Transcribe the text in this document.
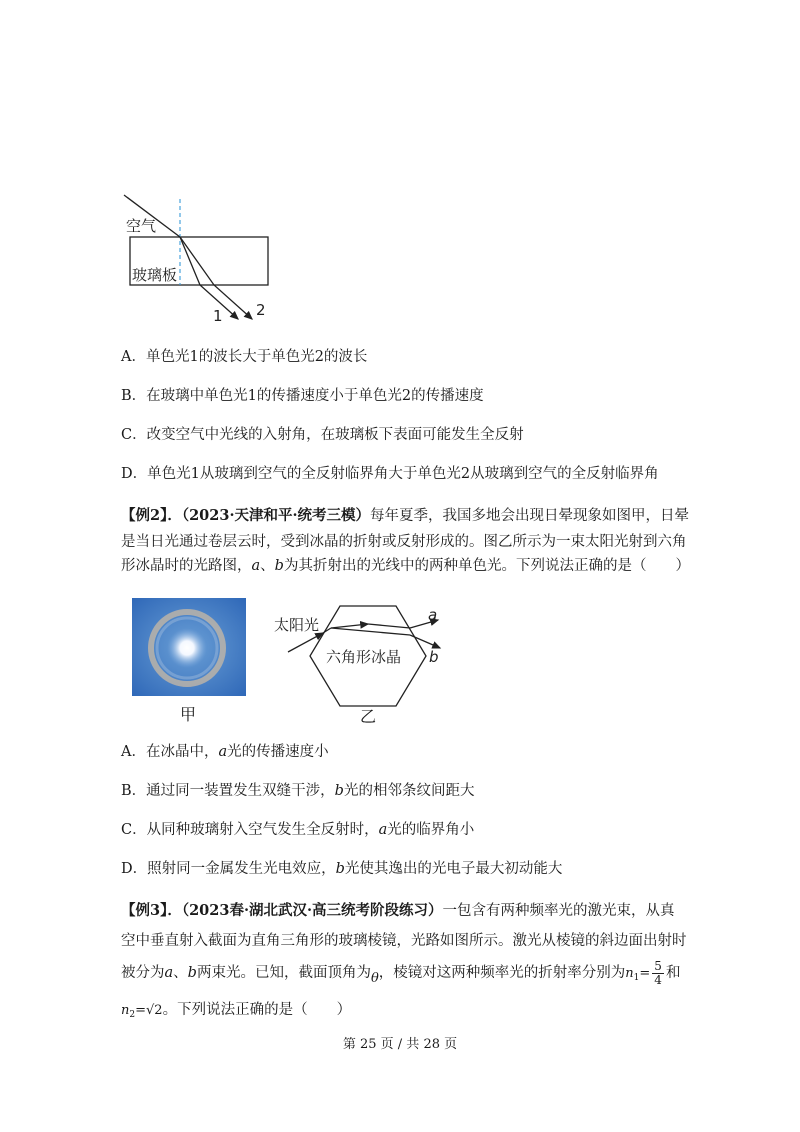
空气
玻璃板
1 2
A．单色光1的波长大于单色光2的波长
B．在玻璃中单色光1的传播速度小于单色光2的传播速度
C．改变空气中光线的入射角，在玻璃板下表面可能发生全反射
D．单色光1从玻璃到空气的全反射临界角大于单色光2从玻璃到空气的全反射临界角
【例2】．（2023·天津和平·统考三模）每年夏季，我国多地会出现日晕现象如图甲，日晕
是当日光通过卷层云时，受到冰晶的折射或反射形成的。图乙所示为一束太阳光射到六角
形冰晶时的光路图，a、b为其折射出的光线中的两种单色光。下列说法正确的是（　　）
甲
太阳光
六角形冰晶
a
b
乙
A．在冰晶中，a光的传播速度小
B．通过同一装置发生双缝干涉，b光的相邻条纹间距大
C．从同种玻璃射入空气发生全反射时，a光的临界角小
D．照射同一金属发生光电效应，b光使其逸出的光电子最大初动能大
【例3】．（2023春·湖北武汉·高三统考阶段练习）一包含有两种频率光的激光束，从真
空中垂直射入截面为直角三角形的玻璃棱镜，光路如图所示。激光从棱镜的斜边面出射时
被分为a、b两束光。已知，截面顶角为θ，棱镜对这两种频率光的折射率分别为$n_1= \frac{5}{4}$ 和
$n_2=√2$。下列说法正确的是（　　）
第 25 页 / 共 28 页
